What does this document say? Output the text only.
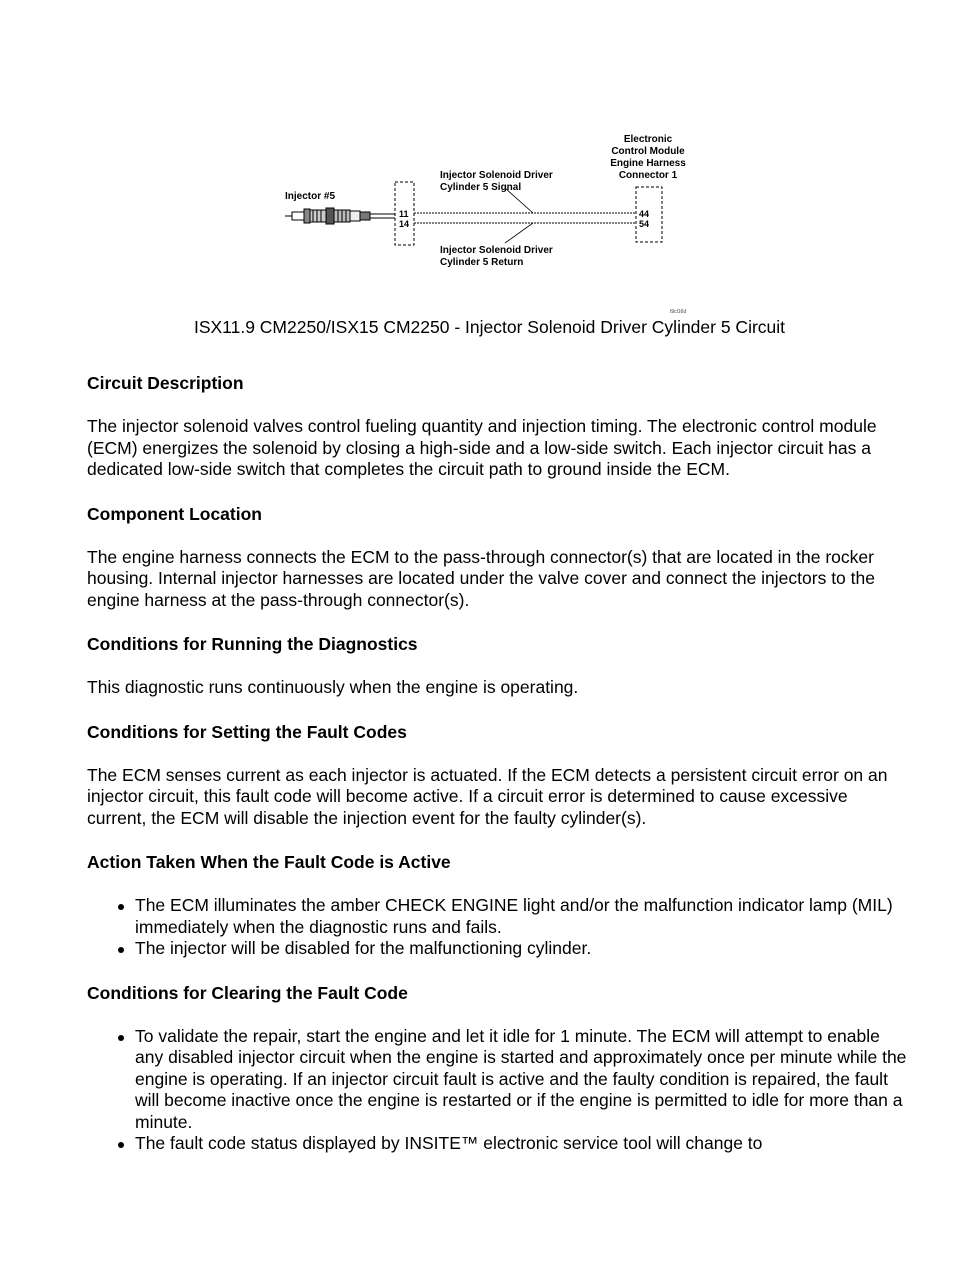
Injector #5
11
14
44
54
Injector Solenoid Driver
Cylinder 5 Signal
Injector Solenoid Driver
Cylinder 5 Return
Electronic
Control Module
Engine Harness
Connector 1
t9cl16d
ISX11.9 CM2250/ISX15 CM2250 - Injector Solenoid Driver Cylinder 5 Circuit

Circuit Description

The injector solenoid valves control fueling quantity and injection timing. The electronic control module (ECM) energizes the solenoid by closing a high-side and a low-side switch. Each injector circuit has a dedicated low-side switch that completes the circuit path to ground inside the ECM.

Component Location

The engine harness connects the ECM to the pass-through connector(s) that are located in the rocker housing. Internal injector harnesses are located under the valve cover and connect the injectors to the engine harness at the pass-through connector(s).

Conditions for Running the Diagnostics

This diagnostic runs continuously when the engine is operating.

Conditions for Setting the Fault Codes

The ECM senses current as each injector is actuated. If the ECM detects a persistent circuit error on an injector circuit, this fault code will become active. If a circuit error is determined to cause excessive current, the ECM will disable the injection event for the faulty cylinder(s).

Action Taken When the Fault Code is Active

The ECM illuminates the amber CHECK ENGINE light and/or the malfunction indicator lamp (MIL) immediately when the diagnostic runs and fails.
The injector will be disabled for the malfunctioning cylinder.

Conditions for Clearing the Fault Code

To validate the repair, start the engine and let it idle for 1 minute. The ECM will attempt to enable any disabled injector circuit when the engine is started and approximately once per minute while the engine is operating. If an injector circuit fault is active and the faulty condition is repaired, the fault will become inactive once the engine is restarted or if the engine is permitted to idle for more than a minute.
The fault code status displayed by INSITE™ electronic service tool will change to
